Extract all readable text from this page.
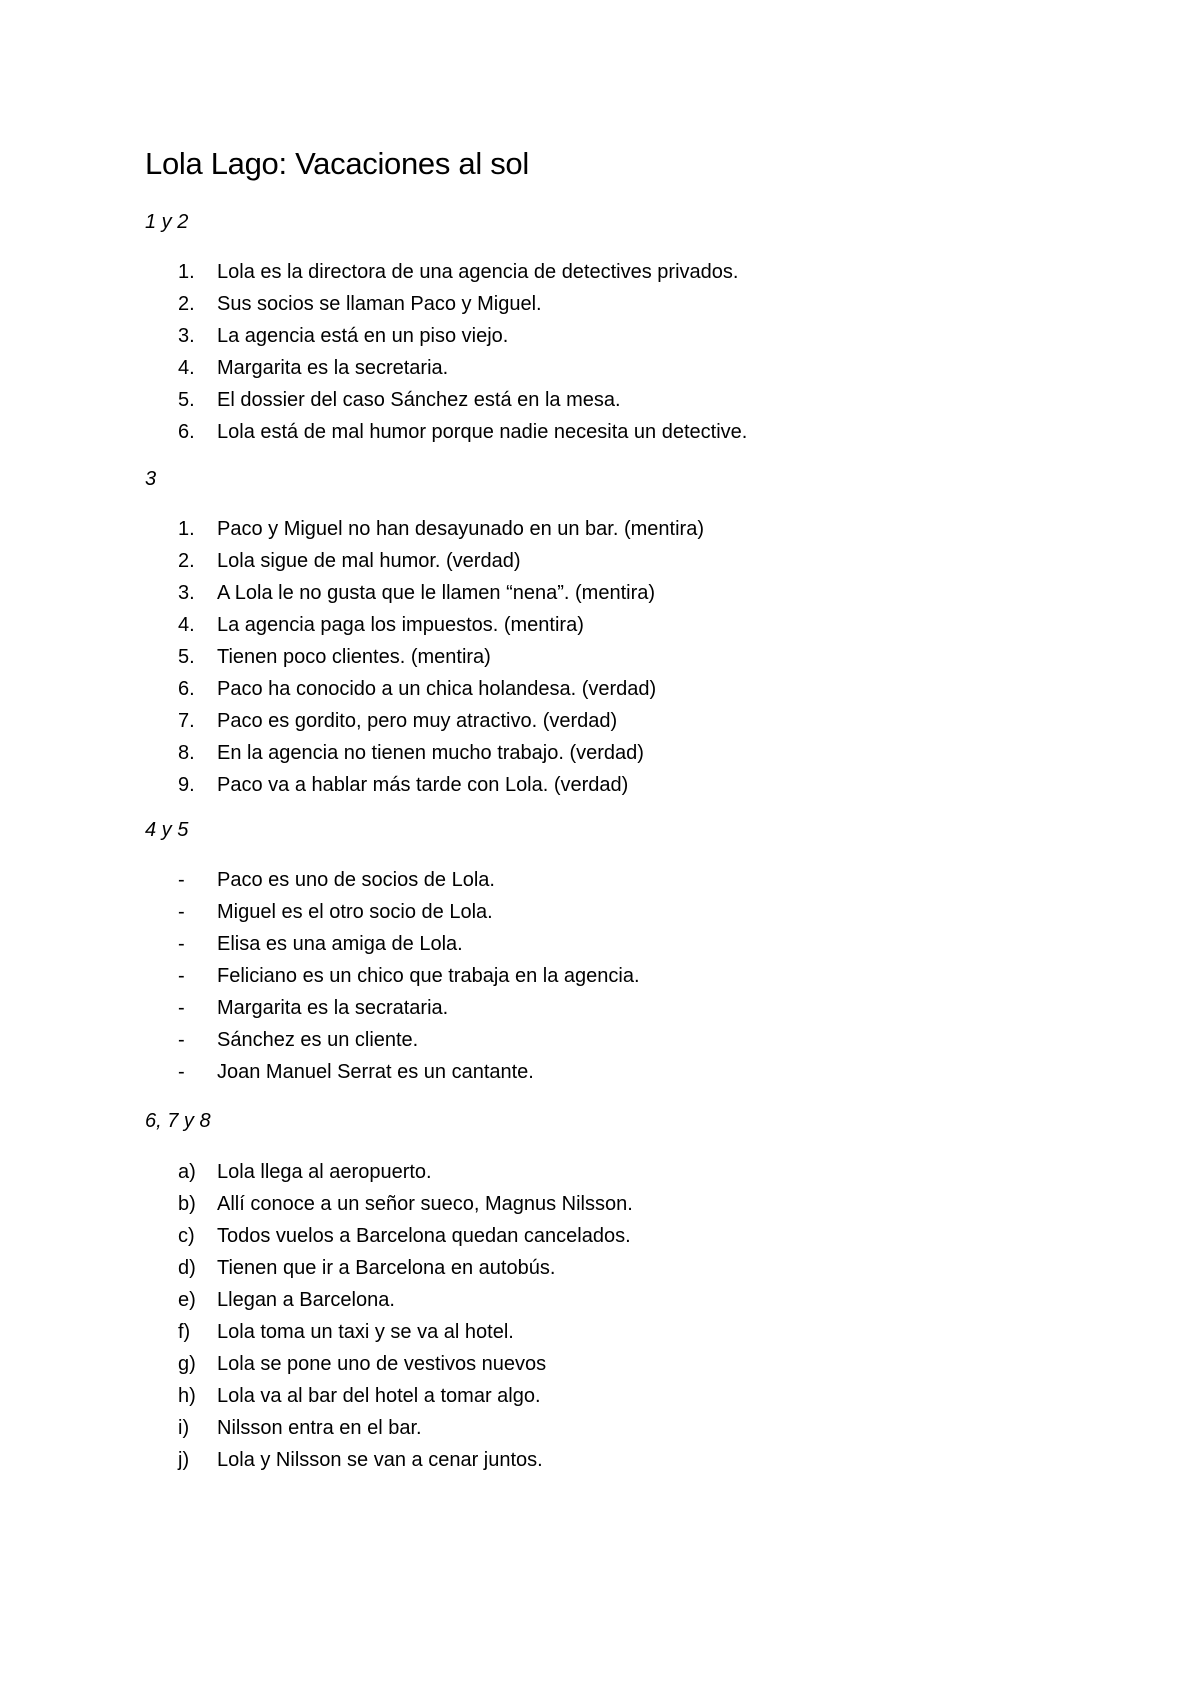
Lola Lago: Vacaciones al sol
1 y 2
1.	Lola es la directora de una agencia de detectives privados.
2.	Sus socios se llaman Paco y Miguel.
3.	La agencia está en un piso viejo.
4.	Margarita es la secretaria.
5.	El dossier del caso Sánchez está en la mesa.
6.	Lola está de mal humor porque nadie necesita un detective.
3
1.	Paco y Miguel no han desayunado en un bar. (mentira)
2.	Lola sigue de mal humor. (verdad)
3.	A Lola le no gusta que le llamen “nena”. (mentira)
4.	La agencia paga los impuestos. (mentira)
5.	Tienen poco clientes. (mentira)
6.	Paco ha conocido a un chica holandesa. (verdad)
7.	Paco es gordito, pero muy atractivo. (verdad)
8.	En la agencia no tienen mucho trabajo. (verdad)
9.	Paco va a hablar más tarde con Lola. (verdad)
4 y 5
-	Paco es uno de socios de Lola.
-	Miguel es el otro socio de Lola.
-	Elisa es una amiga de Lola.
-	Feliciano es un chico que trabaja en la agencia.
-	Margarita es la secrataria.
-	Sánchez es un cliente.
-	Joan Manuel Serrat es un cantante.
6, 7 y 8
a)	Lola llega al aeropuerto.
b)	Allí conoce a un señor sueco, Magnus Nilsson.
c)	Todos vuelos a Barcelona quedan cancelados.
d)	Tienen que ir a Barcelona en autobús.
e)	Llegan a Barcelona.
f)	Lola toma un taxi y se va al hotel.
g)	Lola se pone uno de vestivos nuevos
h)	Lola va al bar del hotel a tomar algo.
i)	Nilsson entra en el bar.
j)	Lola y Nilsson se van a cenar juntos.
